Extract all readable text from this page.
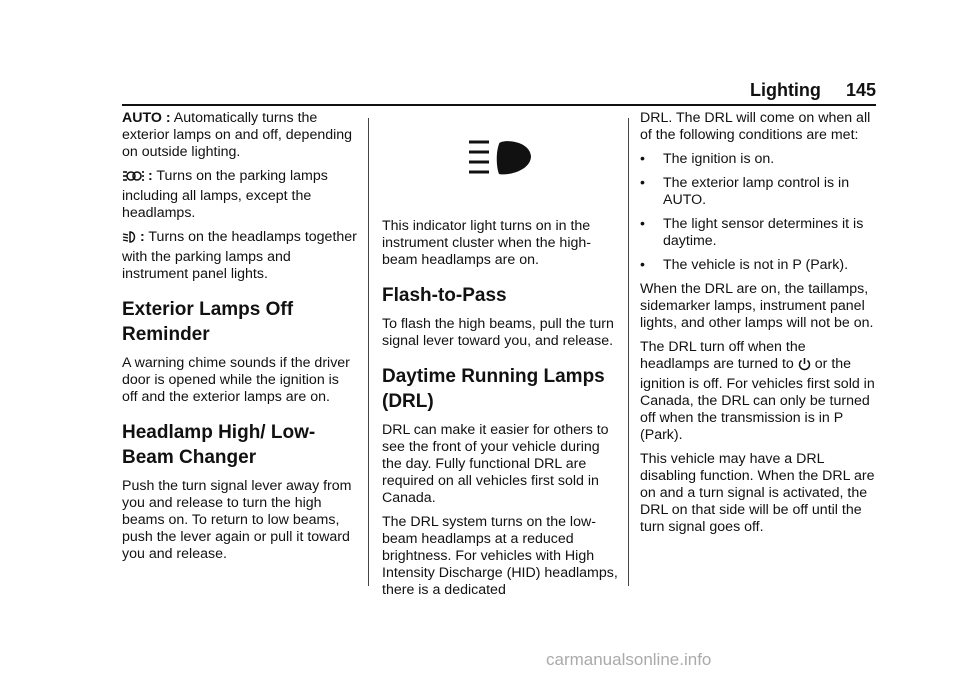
Lighting 145

AUTO : Automatically turns the exterior lamps on and off, depending on outside lighting.

: Turns on the parking lamps including all lamps, except the headlamps.

: Turns on the headlamps together with the parking lamps and instrument panel lights.

Exterior Lamps Off Reminder

A warning chime sounds if the driver door is opened while the ignition is off and the exterior lamps are on.

Headlamp High/ Low-Beam Changer

Push the turn signal lever away from you and release to turn the high beams on. To return to low beams, push the lever again or pull it toward you and release.

This indicator light turns on in the instrument cluster when the high-beam headlamps are on.

Flash-to-Pass

To flash the high beams, pull the turn signal lever toward you, and release.

Daytime Running Lamps (DRL)

DRL can make it easier for others to see the front of your vehicle during the day. Fully functional DRL are required on all vehicles first sold in Canada.

The DRL system turns on the low-beam headlamps at a reduced brightness. For vehicles with High Intensity Discharge (HID) headlamps, there is a dedicated

DRL. The DRL will come on when all of the following conditions are met:

•	The ignition is on.
•	The exterior lamp control is in AUTO.
•	The light sensor determines it is daytime.
•	The vehicle is not in P (Park).

When the DRL are on, the taillamps, sidemarker lamps, instrument panel lights, and other lamps will not be on.

The DRL turn off when the headlamps are turned to or the ignition is off. For vehicles first sold in Canada, the DRL can only be turned off when the transmission is in P (Park).

This vehicle may have a DRL disabling function. When the DRL are on and a turn signal is activated, the DRL on that side will be off until the turn signal goes off.

carmanualsonline.info
